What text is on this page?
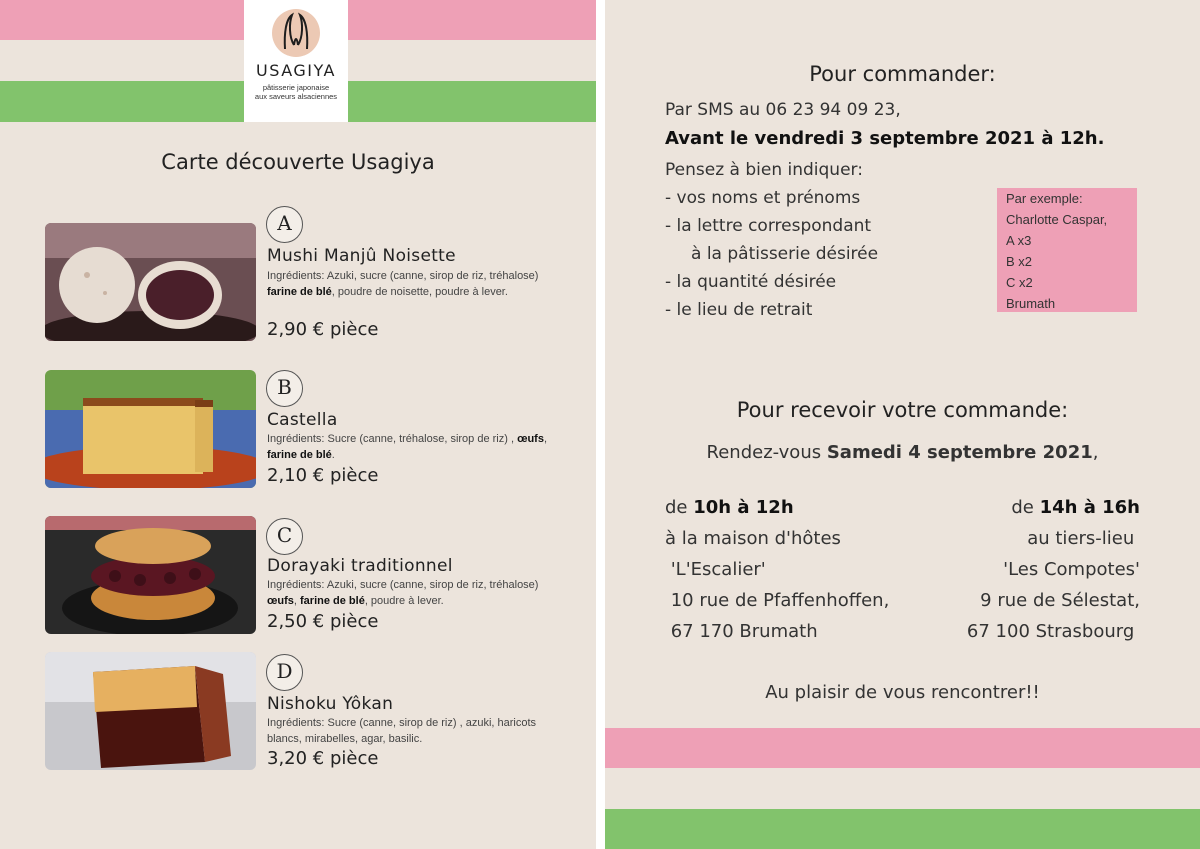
USAGIYA
pâtisserie japonaise
aux saveurs alsaciennes
Carte découverte Usagiya
A
Mushi Manjû Noisette
Ingrédients: Azuki, sucre (canne, sirop de riz, tréhalose) farine de blé, poudre de noisette, poudre à lever.
2,90 € pièce
B
Castella
Ingrédients: Sucre (canne, tréhalose, sirop de riz) , œufs, farine de blé.
2,10 € pièce
C
Dorayaki traditionnel
Ingrédients: Azuki, sucre (canne, sirop de riz, tréhalose) œufs, farine de blé, poudre à lever.
2,50 € pièce
D
Nishoku Yôkan
Ingrédients: Sucre (canne, sirop de riz) , azuki, haricots blancs, mirabelles, agar, basilic.
3,20 € pièce
Pour commander:
Par SMS au 06 23 94 09 23,
Avant le vendredi 3 septembre 2021 à 12h.
Pensez à bien indiquer:
- vos noms et prénoms
- la lettre correspondant
à la pâtisserie désirée
- la quantité désirée
- le lieu de retrait
Par exemple:
Charlotte Caspar,
A x3
B x2
C x2
Brumath
Pour recevoir votre commande:
Rendez-vous Samedi 4 septembre 2021,
de 10h à 12h
à la maison d'hôtes
'L'Escalier'
10 rue de Pfaffenhoffen,
67 170 Brumath
de 14h à 16h
au tiers-lieu
'Les Compotes'
9 rue de Sélestat,
67 100 Strasbourg
Au plaisir de vous rencontrer!!
